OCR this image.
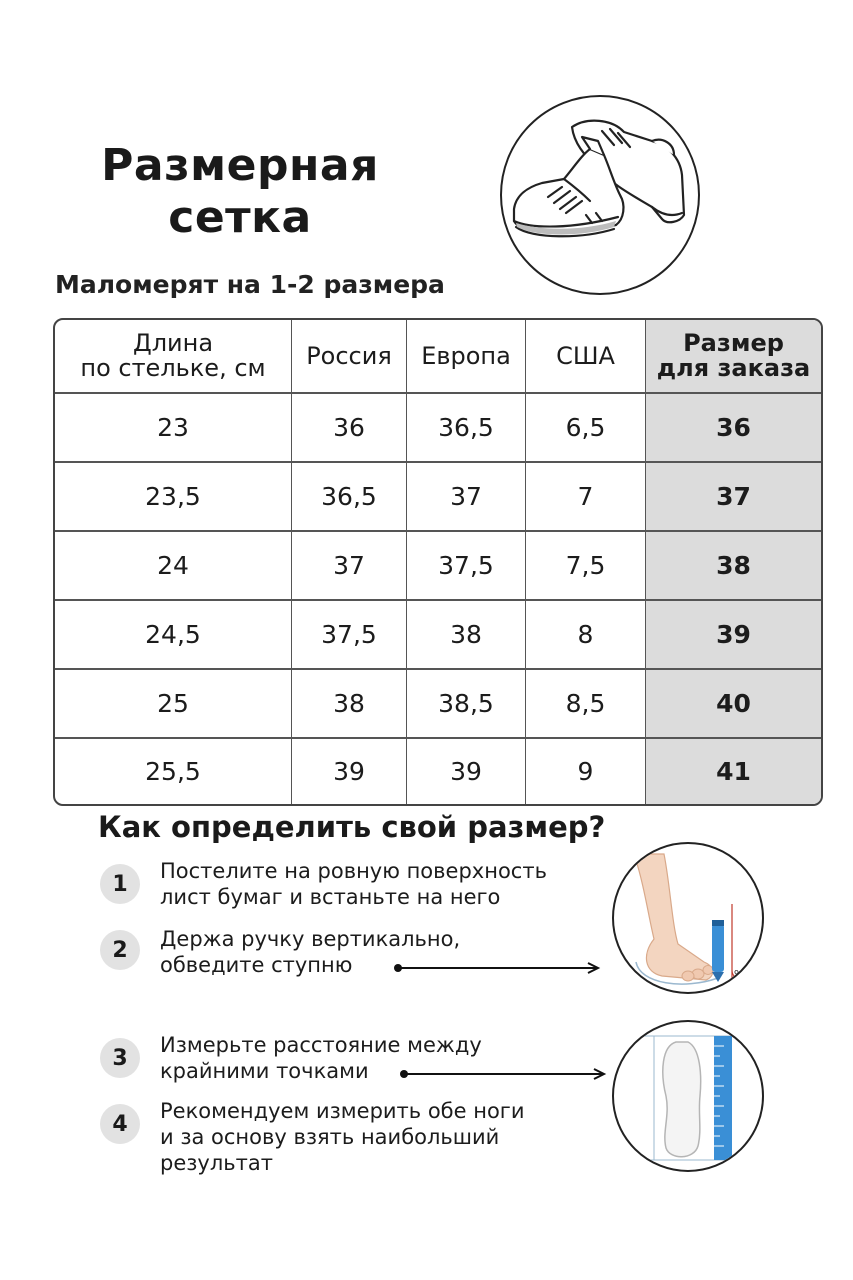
Размерная
сетка
Маломерят на 1-2 размера
Длина
по стельке, см	Россия	Европа	США	Размер
для заказа

23	36	36,5	6,5	36
23,5	36,5	37	7	37
24	37	37,5	7,5	38
24,5	37,5	38	8	39
25	38	38,5	8,5	40
25,5	39	39	9	41
Как определить свой размер?
1

Постелите на ровную поверхность
лист бумаг и встаньте на него

2	Держа ручку вертикально,
обведите ступню

3

Измерьте расстояние между
крайними точками

4

Рекомендуем измерить обе ноги
и за основу взять наибольший
результат

90°
